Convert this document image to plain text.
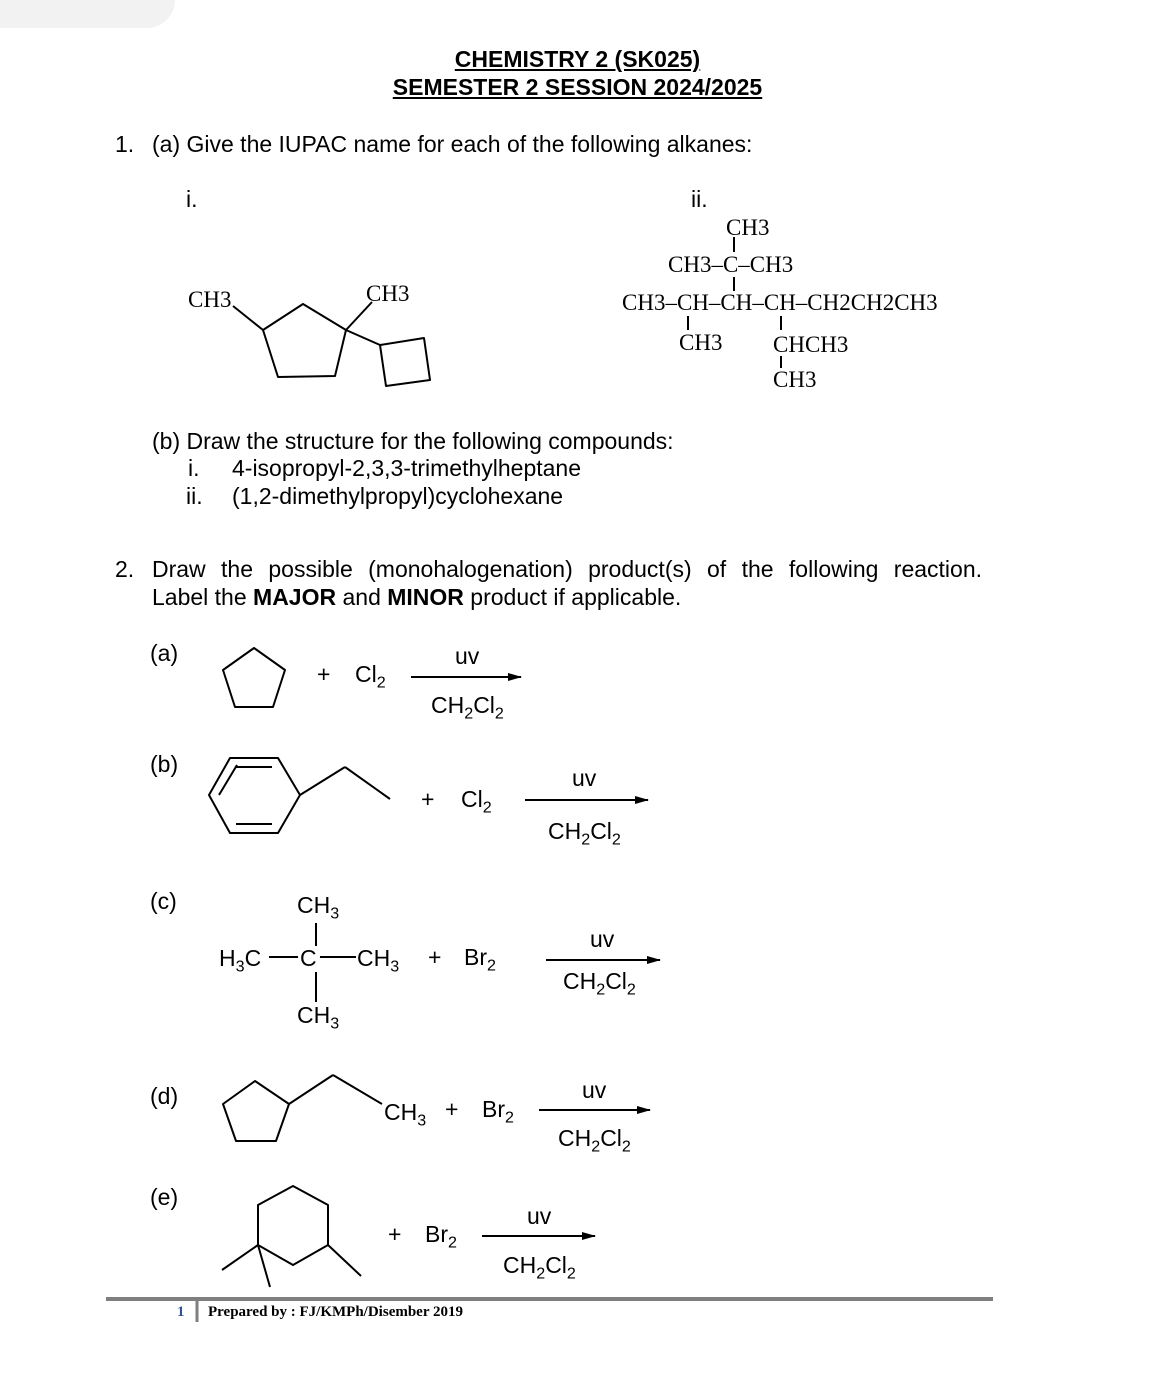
CHEMISTRY 2 (SK025)
SEMESTER 2 SESSION 2024/2025
1. (a) Give the IUPAC name for each of the following alkanes:
i.	ii.
CH3	CH3
CH3
CH3–C–CH3
CH3–CH–CH–CH–CH2CH2CH3
CH3 CHCH3
CH3
(b) Draw the structure for the following compounds:
i. 4-isopropyl-2,3,3-trimethylheptane
ii. (1,2-dimethylpropyl)cyclohexane
2. Draw the possible (monohalogenation) product(s) of the following reaction.
Label the MAJOR and MINOR product if applicable.
(a)
(b)
(c)
(d)
(e)
+ $Cl_2$
uv
$CH_2Cl_2$
+ $Cl_2$
uv
$CH_2Cl_2$
$CH_3$
$H_3C$ C $CH_3$
$CH_3$
+ $Br_2$
uv
$CH_2Cl_2$
$CH_3 + Br_2$
uv
$CH_2Cl_2$
+ $Br_2$
uv
$CH_2Cl_2$
1 Prepared by : FJ/KMPh/Disember 2019
